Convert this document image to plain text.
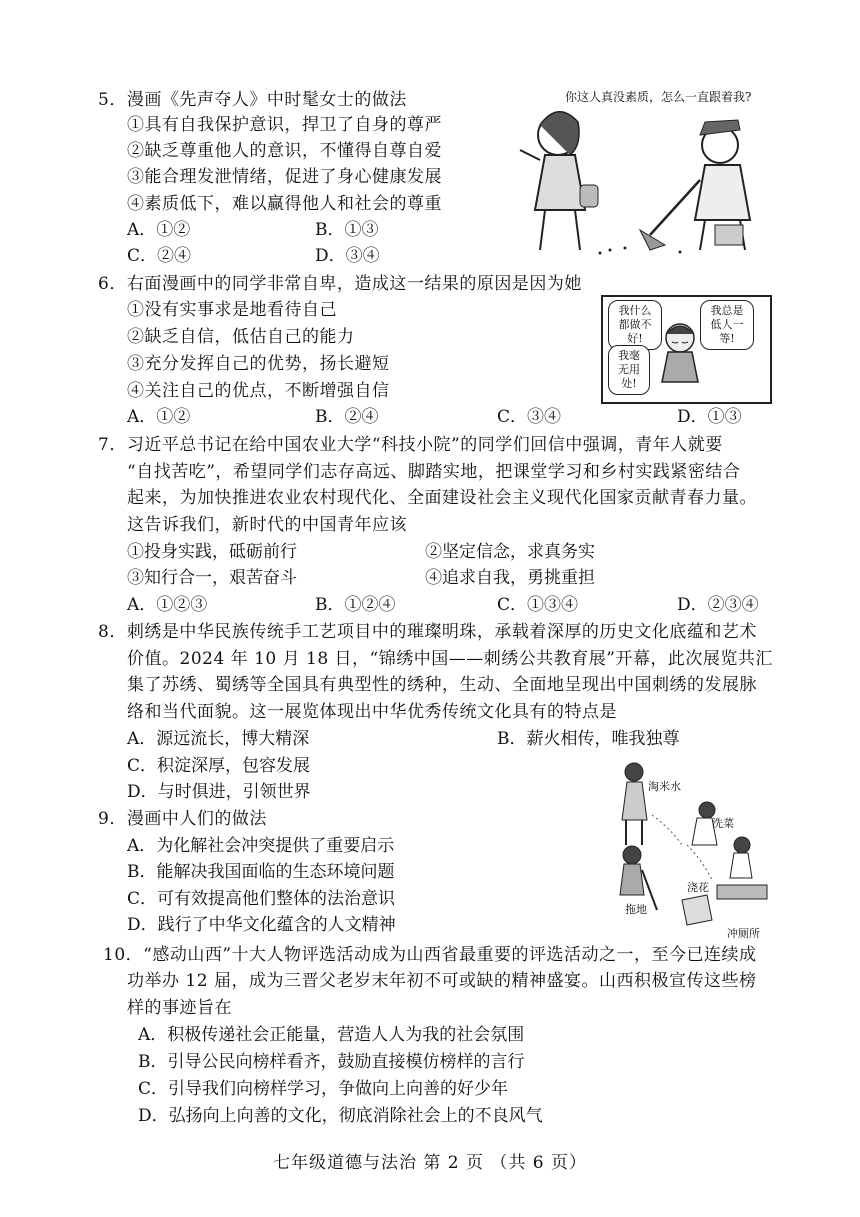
5．漫画《先声夺人》中时髦女士的做法
①具有自我保护意识，捍卫了自身的尊严
②缺乏尊重他人的意识，不懂得自尊自爱
③能合理发泄情绪，促进了身心健康发展
④素质低下，难以赢得他人和社会的尊重
A．①②	B．①③
C．②④	D．③④
你这人真没素质，怎么一直跟着我?
6．右面漫画中的同学非常自卑，造成这一结果的原因是因为她
①没有实事求是地看待自己
②缺乏自信，低估自己的能力
③充分发挥自己的优势，扬长避短
④关注自己的优点，不断增强自信
A．①②	B．②④	C．③④	D．①③
我什么都做不好!
我总是低人一等!
我毫无用处!
7．习近平总书记在给中国农业大学“科技小院”的同学们回信中强调，青年人就要
“自找苦吃”，希望同学们志存高远、脚踏实地，把课堂学习和乡村实践紧密结合
起来，为加快推进农业农村现代化、全面建设社会主义现代化国家贡献青春力量。
这告诉我们，新时代的中国青年应该
①投身实践，砥砺前行	②坚定信念，求真务实
③知行合一，艰苦奋斗	④追求自我，勇挑重担
A．①②③	B．①②④	C．①③④	D．②③④
8．刺绣是中华民族传统手工艺项目中的璀璨明珠，承载着深厚的历史文化底蕴和艺术
价值。2024 年 10 月 18 日，“锦绣中国——刺绣公共教育展”开幕，此次展览共汇
集了苏绣、蜀绣等全国具有典型性的绣种，生动、全面地呈现出中国刺绣的发展脉
络和当代面貌。这一展览体现出中华优秀传统文化具有的特点是
A．源远流长，博大精深	B．薪火相传，唯我独尊
C．积淀深厚，包容发展
D．与时俱进，引领世界
9．漫画中人们的做法
A．为化解社会冲突提供了重要启示
B．能解决我国面临的生态环境问题
C．可有效提高他们整体的法治意识
D．践行了中华文化蕴含的人文精神
淘米水
洗菜
浇花
拖地
冲厕所
10．“感动山西”十大人物评选活动成为山西省最重要的评选活动之一，至今已连续成
功举办 12 届，成为三晋父老岁末年初不可或缺的精神盛宴。山西积极宣传这些榜
样的事迹旨在
A．积极传递社会正能量，营造人人为我的社会氛围
B．引导公民向榜样看齐，鼓励直接模仿榜样的言行
C．引导我们向榜样学习，争做向上向善的好少年
D．弘扬向上向善的文化，彻底消除社会上的不良风气
七年级道德与法治 第 2 页 （共 6 页）
